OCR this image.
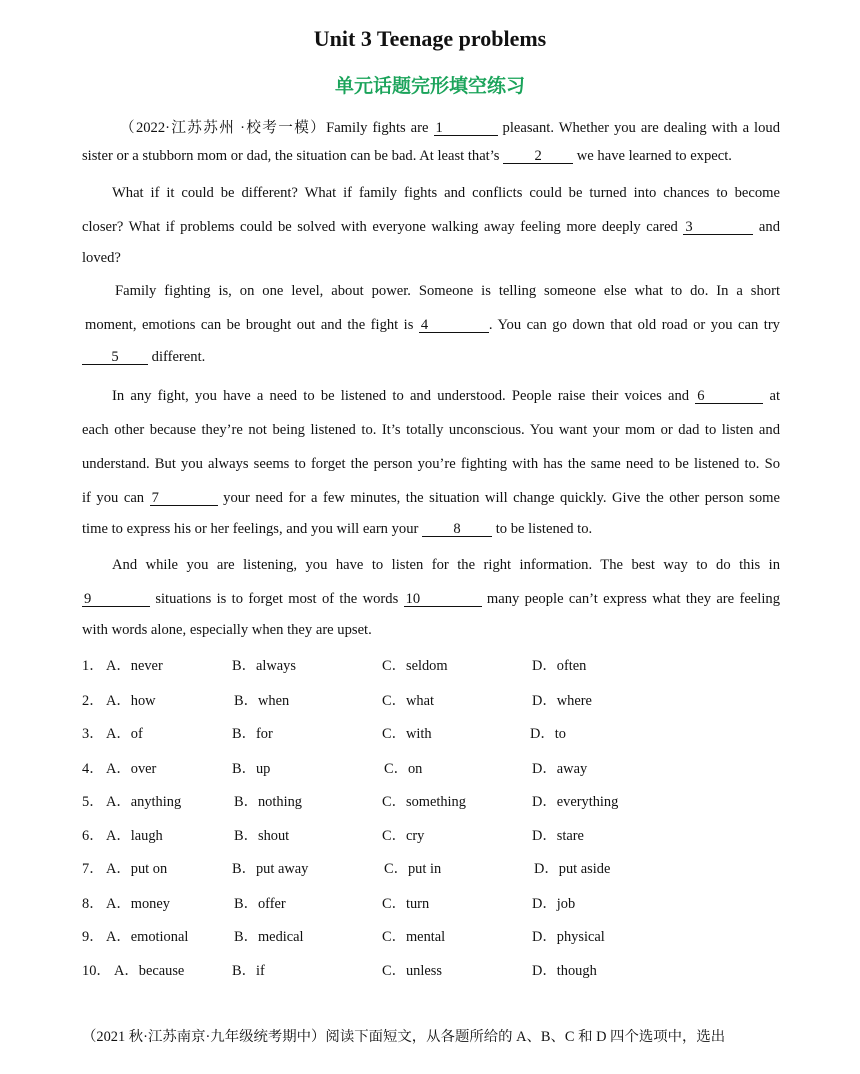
Unit 3 Teenage problems
单元话题完形填空练习
（2022·江苏苏州 ·校考一模）Family fights are 1	pleasant. Whether you are dealing with a loud
sister or a stubborn mom or dad, the situation can be bad. At least that’s 2 we have learned to expect.
What if it could be different? What if family fights and conflicts could be turned into chances to become
closer? What if problems could be solved with everyone walking away feeling more deeply cared 3	and
loved?
Family fighting is, on one level, about power. Someone is telling someone else what to do. In a short
moment, emotions can be brought out and the fight is 4	. You can go down that old road or you can try
5 different.
In any fight, you have a need to be listened to and understood. People raise their voices and 6	at
each other because they’re not being listened to. It’s totally unconscious. You want your mom or dad to listen and
understand. But you always seems to forget the person you’re fighting with has the same need to be listened to. So
if you can 7	your need for a few minutes, the situation will change quickly. Give the other person some
time to express his or her feelings, and you will earn your 8 to be listened to.
And while you are listening, you have to listen for the right information. The best way to do this in
9	situations is to forget most of the words 10	many people can’t express what they are feeling
with words alone, especially when they are upset.
1． A．never	B．always	C．seldom	D．often
2． A．how	B．when	C．what	D．where
3． A．of	B．for	C．with	D．to
4． A．over	B．up	C．on	D．away
5． A．anything	B．nothing	C．something	D．everything
6． A．laugh	B．shout	C．cry	D．stare
7． A．put on	B．put away	C．put in	D．put aside
8． A．money	B．offer	C．turn	D．job
9． A．emotional	B．medical	C．mental	D．physical
10． A．because	B．if	C．unless	D．though
（2021 秋·江苏南京·九年级统考期中）阅读下面短文，从各题所给的 A、B、C 和 D 四个选项中，选出
